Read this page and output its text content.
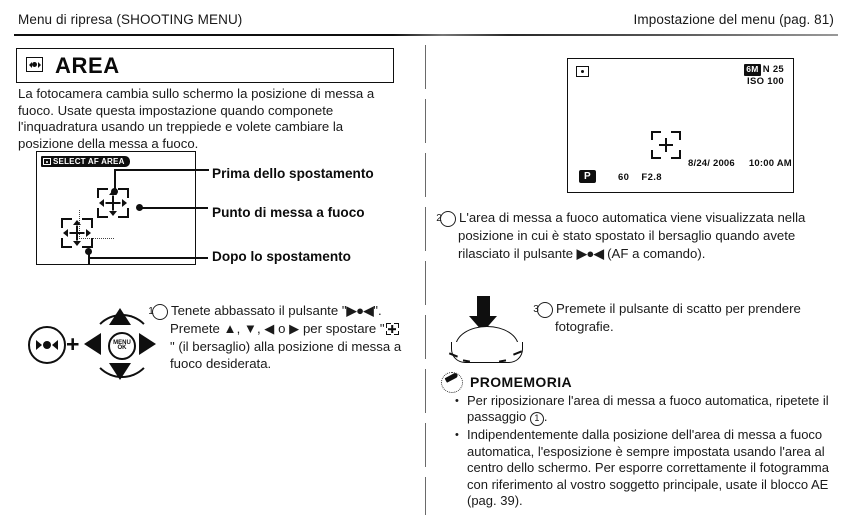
Menu di ripresa (SHOOTING MENU)	Impostazione del menu (pag. 81)
AREA
La fotocamera cambia sullo schermo la posizione di messa a fuoco. Usate questa impostazione quando componete l'inquadratura usando un treppiede e volete cambiare la posizione della messa a fuoco.
SELECT AF AREA
Prima dello spostamento
Punto di messa a fuoco
Dopo lo spostamento
+	MENU OK
1 Tenete abbassato il pulsante "▶●◀". Premete ▲, ▼, ◀ o ▶ per spostare "
" (il bersaglio) alla posizione di messa a fuoco desiderata.
6M N 25
ISO 100
8/24/ 2006 10:00 AM
P	60 F2.8
2 L'area di messa a fuoco automatica viene visualizzata nella posizione in cui è stato spostato il bersaglio quando avete rilasciato il pulsante ▶●◀ (AF a comando).
3 Premete il pulsante di scatto per prendere fotografie.
PROMEMORIA
• Per riposizionare l'area di messa a fuoco automatica, ripetete il passaggio 1 .
• Indipendentemente dalla posizione dell'area di messa a fuoco automatica, l'esposizione è sempre impostata usando l'area al centro dello schermo. Per esporre correttamente il fotogramma con riferimento al vostro soggetto principale, usate il blocco AE (pag. 39).
